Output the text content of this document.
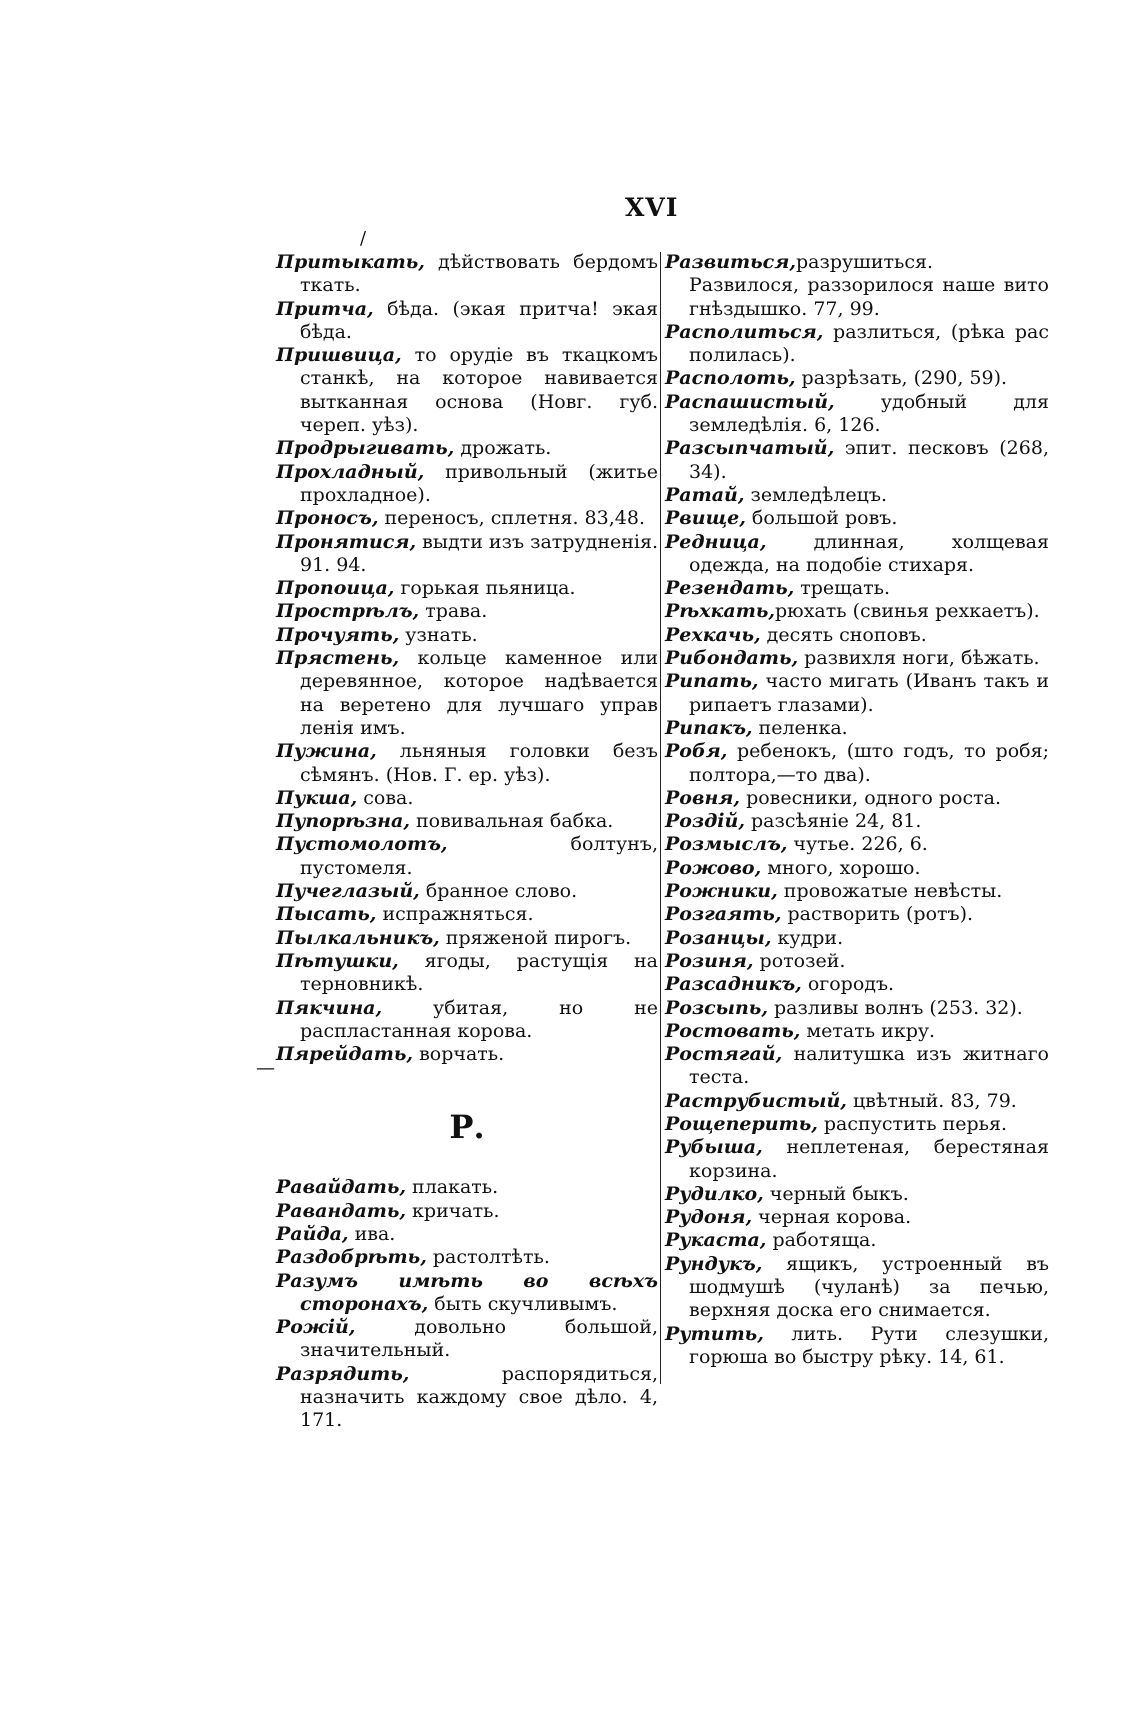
XVI
/
—

Притыкать, дѣйствовать бердомъ ткать.

Притча, бѣда. (экая притча! экая бѣда.

Пришвица, то орудіе въ ткацкомъ станкѣ, на которое навивается вытканная основа (Новг. губ. череп. уѣз).

Продрыгивать, дрожать.

Прохладный, привольный (житье прохладное).

Проносъ, переносъ, сплетня. 83,48.

Пронятися, выдти изъ затрудненія. 91. 94.

Пропоица, горькая пьяница.

Прострѣлъ, трава.

Прочуять, узнать.

Прястень, кольце каменное или деревянное, которое надѣвается на веретено для лучшаго управ ленія имъ.

Пужина, льняныя головки безъ сѣмянъ. (Нов. Г. ер. уѣз).

Пукша, сова.

Пупорѣзна, повивальная бабка.

Пустомолотъ, болтунъ, пустомеля.

Пучеглазый, бранное слово.

Пысать, испражняться.

Пылкальникъ, пряженой пирогъ.

Пѣтушки, ягоды, растущія на терновникѣ.

Пякчина, убитая, но не распластанная корова.

Пярейдать, ворчать.

Р.

Равайдать, плакать.

Равандать, кричать.

Райда, ива.

Раздобрѣть, растолтѣть.

Разумъ имѣть во всѣхъ сторонахъ, быть скучливымъ.

Рожій, довольно большой, значительный.

Разрядить, распорядиться, назначить каждому свое дѣло. 4, 171.

Развиться,разрушиться. Развилося, раззорилося наше вито гнѣздышко. 77, 99.

Располиться, разлиться, (рѣка рас полилась).

Располоть, разрѣзать, (290, 59).

Распашистый, удобный для земледѣлія. 6, 126.

Разсыпчатый, эпит. песковъ (268, 34).

Ратай, земледѣлецъ.

Рвище, большой ровъ.

Редница, длинная, холщевая одежда, на подобіе стихаря.

Резендать, трещать.

Рѣхкать,рюхать (свинья рехкаетъ).

Рехкачь, десять сноповъ.

Рибондать, развихля ноги, бѣжать.

Рипать, часто мигать (Иванъ такъ и рипаетъ глазами).

Рипакъ, пеленка.

Робя, ребенокъ, (што годъ, то робя; полтора,—то два).

Ровня, ровесники, одного роста.

Роздій, разсѣяніе 24, 81.

Розмыслъ, чутье. 226, 6.

Рожово, много, хорошо.

Рожники, провожатые невѣсты.

Розгаять, растворить (ротъ).

Розанцы, кудри.

Розиня, ротозей.

Разсадникъ, огородъ.

Розсыпь, разливы волнъ (253. 32).

Ростовать, метать икру.

Ростягай, налитушка изъ житнаго теста.

Раструбистый, цвѣтный. 83, 79.

Рощеперить, распустить перья.

Рубыша, неплетеная, берестяная корзина.

Рудилко, черный быкъ.

Рудоня, черная корова.

Рукаста, работяща.

Рундукъ, ящикъ, устроенный въ шодмушѣ (чуланѣ) за печью, верхняя доска его снимается.

Рутить, лить. Рути слезушки, горюша во быстру рѣку. 14, 61.
